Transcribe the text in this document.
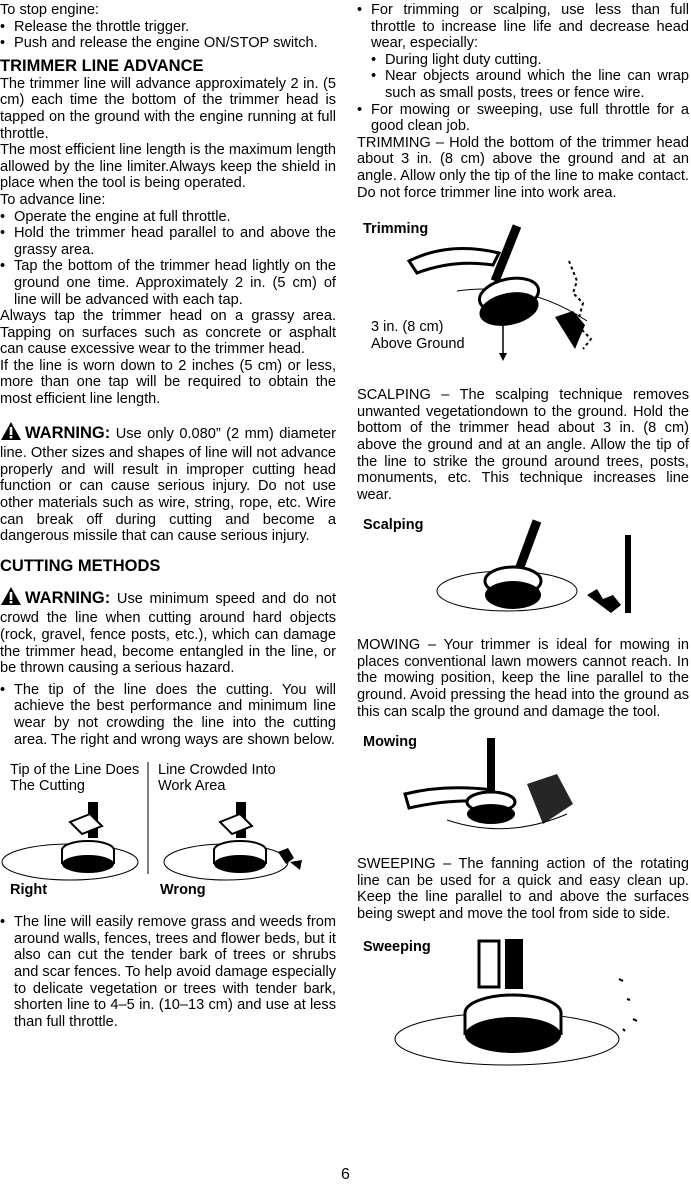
To stop engine:

• Release the throttle trigger.
• Push and release the engine ON/STOP switch.
TRIMMER LINE ADVANCE

The trimmer line will advance approximately 2 in. (5 cm) each time the bottom of the trimmer head is tapped on the ground with the engine running at full throttle.

The most efficient line length is the maximum length allowed by the line limiter.Always keep the shield in place when the tool is being operated.

To advance line:

• Operate the engine at full throttle.
• Hold the trimmer head parallel to and above the grassy area.
• Tap the bottom of the trimmer head lightly on the ground one time. Approximately 2 in. (5 cm) of line will be advanced with each tap.

Always tap the trimmer head on a grassy area. Tapping on surfaces such as concrete or asphalt can cause excessive wear to the trimmer head.

If the line is worn down to 2 inches (5 cm) or less, more than one tap will be required to obtain the most efficient line length.

WARNING: Use only 0.080” (2 mm) diameter line. Other sizes and shapes of line will not advance properly and will result in improper cutting head function or can cause serious injury. Do not use other materials such as wire, string, rope, etc. Wire can break off during cutting and become a dangerous missile that can cause serious injury.

CUTTING METHODS

WARNING: Use minimum speed and do not crowd the line when cutting around hard objects (rock, gravel, fence posts, etc.), which can damage the trimmer head, become entangled in the line, or be thrown causing a serious hazard.

• The tip of the line does the cutting. You will achieve the best performance and minimum line wear by not crowding the line into the cutting area. The right and wrong ways are shown below.
Tip of the Line Does The Cutting
Line Crowded Into Work Area
Right	Wrong
• The line will easily remove grass and weeds from around walls, fences, trees and flower beds, but it also can cut the tender bark of trees or shrubs and scar fences. To help avoid damage especially to delicate vegetation or trees with tender bark, shorten line to 4–5 in. (10–13 cm) and use at less than full throttle.
• For trimming or scalping, use less than full throttle to increase line life and decrease head wear, especially:
• During light duty cutting.
• Near objects around which the line can wrap such as small posts, trees or fence wire.
• For mowing or sweeping, use full throttle for a good clean job.

TRIMMING – Hold the bottom of the trimmer head about 3 in. (8 cm) above the ground and at an angle. Allow only the tip of the line to make contact. Do not force trimmer line into work area.

Trimming
3 in. (8 cm)
Above Ground

SCALPING – The scalping technique removes unwanted vegetationdown to the ground. Hold the bottom of the trimmer head about 3 in. (8 cm) above the ground and at an angle. Allow the tip of the line to strike the ground around trees, posts, monuments, etc. This technique increases line wear.

Scalping

MOWING – Your trimmer is ideal for mowing in places conventional lawn mowers cannot reach. In the mowing position, keep the line parallel to the ground. Avoid pressing the head into the ground as this can scalp the ground and damage the tool.

Mowing

SWEEPING – The fanning action of the rotating line can be used for a quick and easy clean up. Keep the line parallel to and above the surfaces being swept and move the tool from side to side.

Sweeping
6
